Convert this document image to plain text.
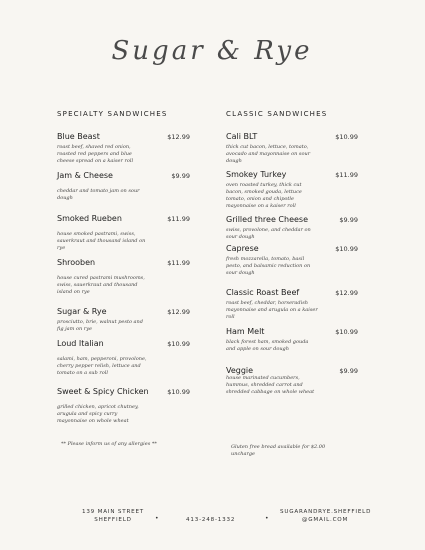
Sugar & Rye
SPECIALTY SANDWICHES
Blue Beast	$12.99
roast beef, shaved red onion, roasted red peppers and blue cheese spread on a kaiser roll
Jam & Cheese	$9.99
cheddar and tomato jam on sour dough
Smoked Rueben	$11.99
house smoked pastrami, swiss, sauerkraut and thousand island on rye
Shrooben	$11.99
house cured pastrami mushrooms, swiss, sauerkraut and thousand island on rye
Sugar & Rye	$12.99
prosciutto, brie, walnut pesto and fig jam on rye
Loud Italian	$10.99
salami, ham, pepperoni, provolone, cherry pepper relish, lettuce and tomato on a sub roll
Sweet & Spicy Chicken	$10.99
grilled chicken, apricot chutney, arugula and spicy curry mayonnaise on whole wheat
CLASSIC SANDWICHES
Cali BLT	$10.99
thick cut bacon, lettuce, tomato, avocado and mayonnaise on sour dough
Smokey Turkey	$11.99
oven roasted turkey, thick cut bacon, smoked gouda, lettuce tomato, onion and chipotle mayonnaise on a kaiser roll
Grilled three Cheese	$9.99
swiss, provolone, and cheddar on sour dough
Caprese	$10.99
fresh mozzarella, tomato, basil pesto, and balsamic reduction on sour dough
Classic Roast Beef	$12.99
roast beef, cheddar, horseradish mayonnaise and arugula on a kaiser roll
Ham Melt	$10.99
black forest ham, smoked gouda and apple on sour dough
Veggie	$9.99
house marinated cucumbers, hummus, shredded carrot and shredded cabbage on whole wheat
** Please inform us of any allergies **	Gluten free bread available for $2.00 uncharge
139 MAIN STREET
SHEFFIELD	•	413-248-1332	•
SUGARANDRYE.SHEFFIELD
@GMAIL.COM
